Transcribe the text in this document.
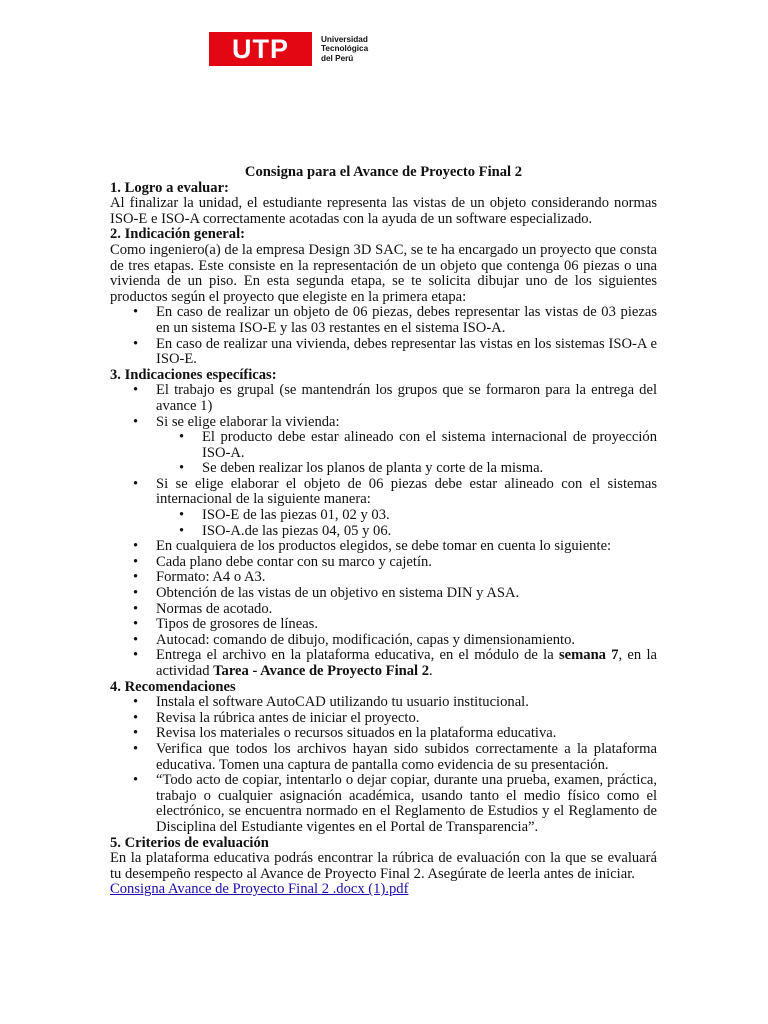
UTP	Universidad
Tecnológica
del Perú
Consigna para el Avance de Proyecto Final 2
1. Logro a evaluar:
Al finalizar la unidad, el estudiante representa las vistas de un objeto considerando normas ISO-E e ISO-A correctamente acotadas con la ayuda de un software especializado.
2. Indicación general:
Como ingeniero(a) de la empresa Design 3D SAC, se te ha encargado un proyecto que consta de tres etapas. Este consiste en la representación de un objeto que contenga 06 piezas o una vivienda de un piso. En esta segunda etapa, se te solicita dibujar uno de los siguientes productos según el proyecto que elegiste en la primera etapa:
• En caso de realizar un objeto de 06 piezas, debes representar las vistas de 03 piezas en un sistema ISO-E y las 03 restantes en el sistema ISO-A.
• En caso de realizar una vivienda, debes representar las vistas en los sistemas ISO-A e ISO-E.
3. Indicaciones específicas:
• El trabajo es grupal (se mantendrán los grupos que se formaron para la entrega del avance 1)
• Si se elige elaborar la vivienda:
• El producto debe estar alineado con el sistema internacional de proyección ISO-A.
• Se deben realizar los planos de planta y corte de la misma.
• Si se elige elaborar el objeto de 06 piezas debe estar alineado con el sistemas internacional de la siguiente manera:
• ISO-E de las piezas 01, 02 y 03.
• ISO-A.de las piezas 04, 05 y 06.
• En cualquiera de los productos elegidos, se debe tomar en cuenta lo siguiente:
• Cada plano debe contar con su marco y cajetín.
• Formato: A4 o A3.
• Obtención de las vistas de un objetivo en sistema DIN y ASA.
• Normas de acotado.
• Tipos de grosores de líneas.
• Autocad: comando de dibujo, modificación, capas y dimensionamiento.
• Entrega el archivo en la plataforma educativa, en el módulo de la semana 7, en la actividad Tarea - Avance de Proyecto Final 2.
4. Recomendaciones
• Instala el software AutoCAD utilizando tu usuario institucional.
• Revisa la rúbrica antes de iniciar el proyecto.
• Revisa los materiales o recursos situados en la plataforma educativa.
• Verifica que todos los archivos hayan sido subidos correctamente a la plataforma educativa. Tomen una captura de pantalla como evidencia de su presentación.
• “Todo acto de copiar, intentarlo o dejar copiar, durante una prueba, examen, práctica, trabajo o cualquier asignación académica, usando tanto el medio físico como el electrónico, se encuentra normado en el Reglamento de Estudios y el Reglamento de Disciplina del Estudiante vigentes en el Portal de Transparencia”.
5. Criterios de evaluación
En la plataforma educativa podrás encontrar la rúbrica de evaluación con la que se evaluará tu desempeño respecto al Avance de Proyecto Final 2. Asegúrate de leerla antes de iniciar.
Consigna Avance de Proyecto Final 2 .docx (1).pdf
